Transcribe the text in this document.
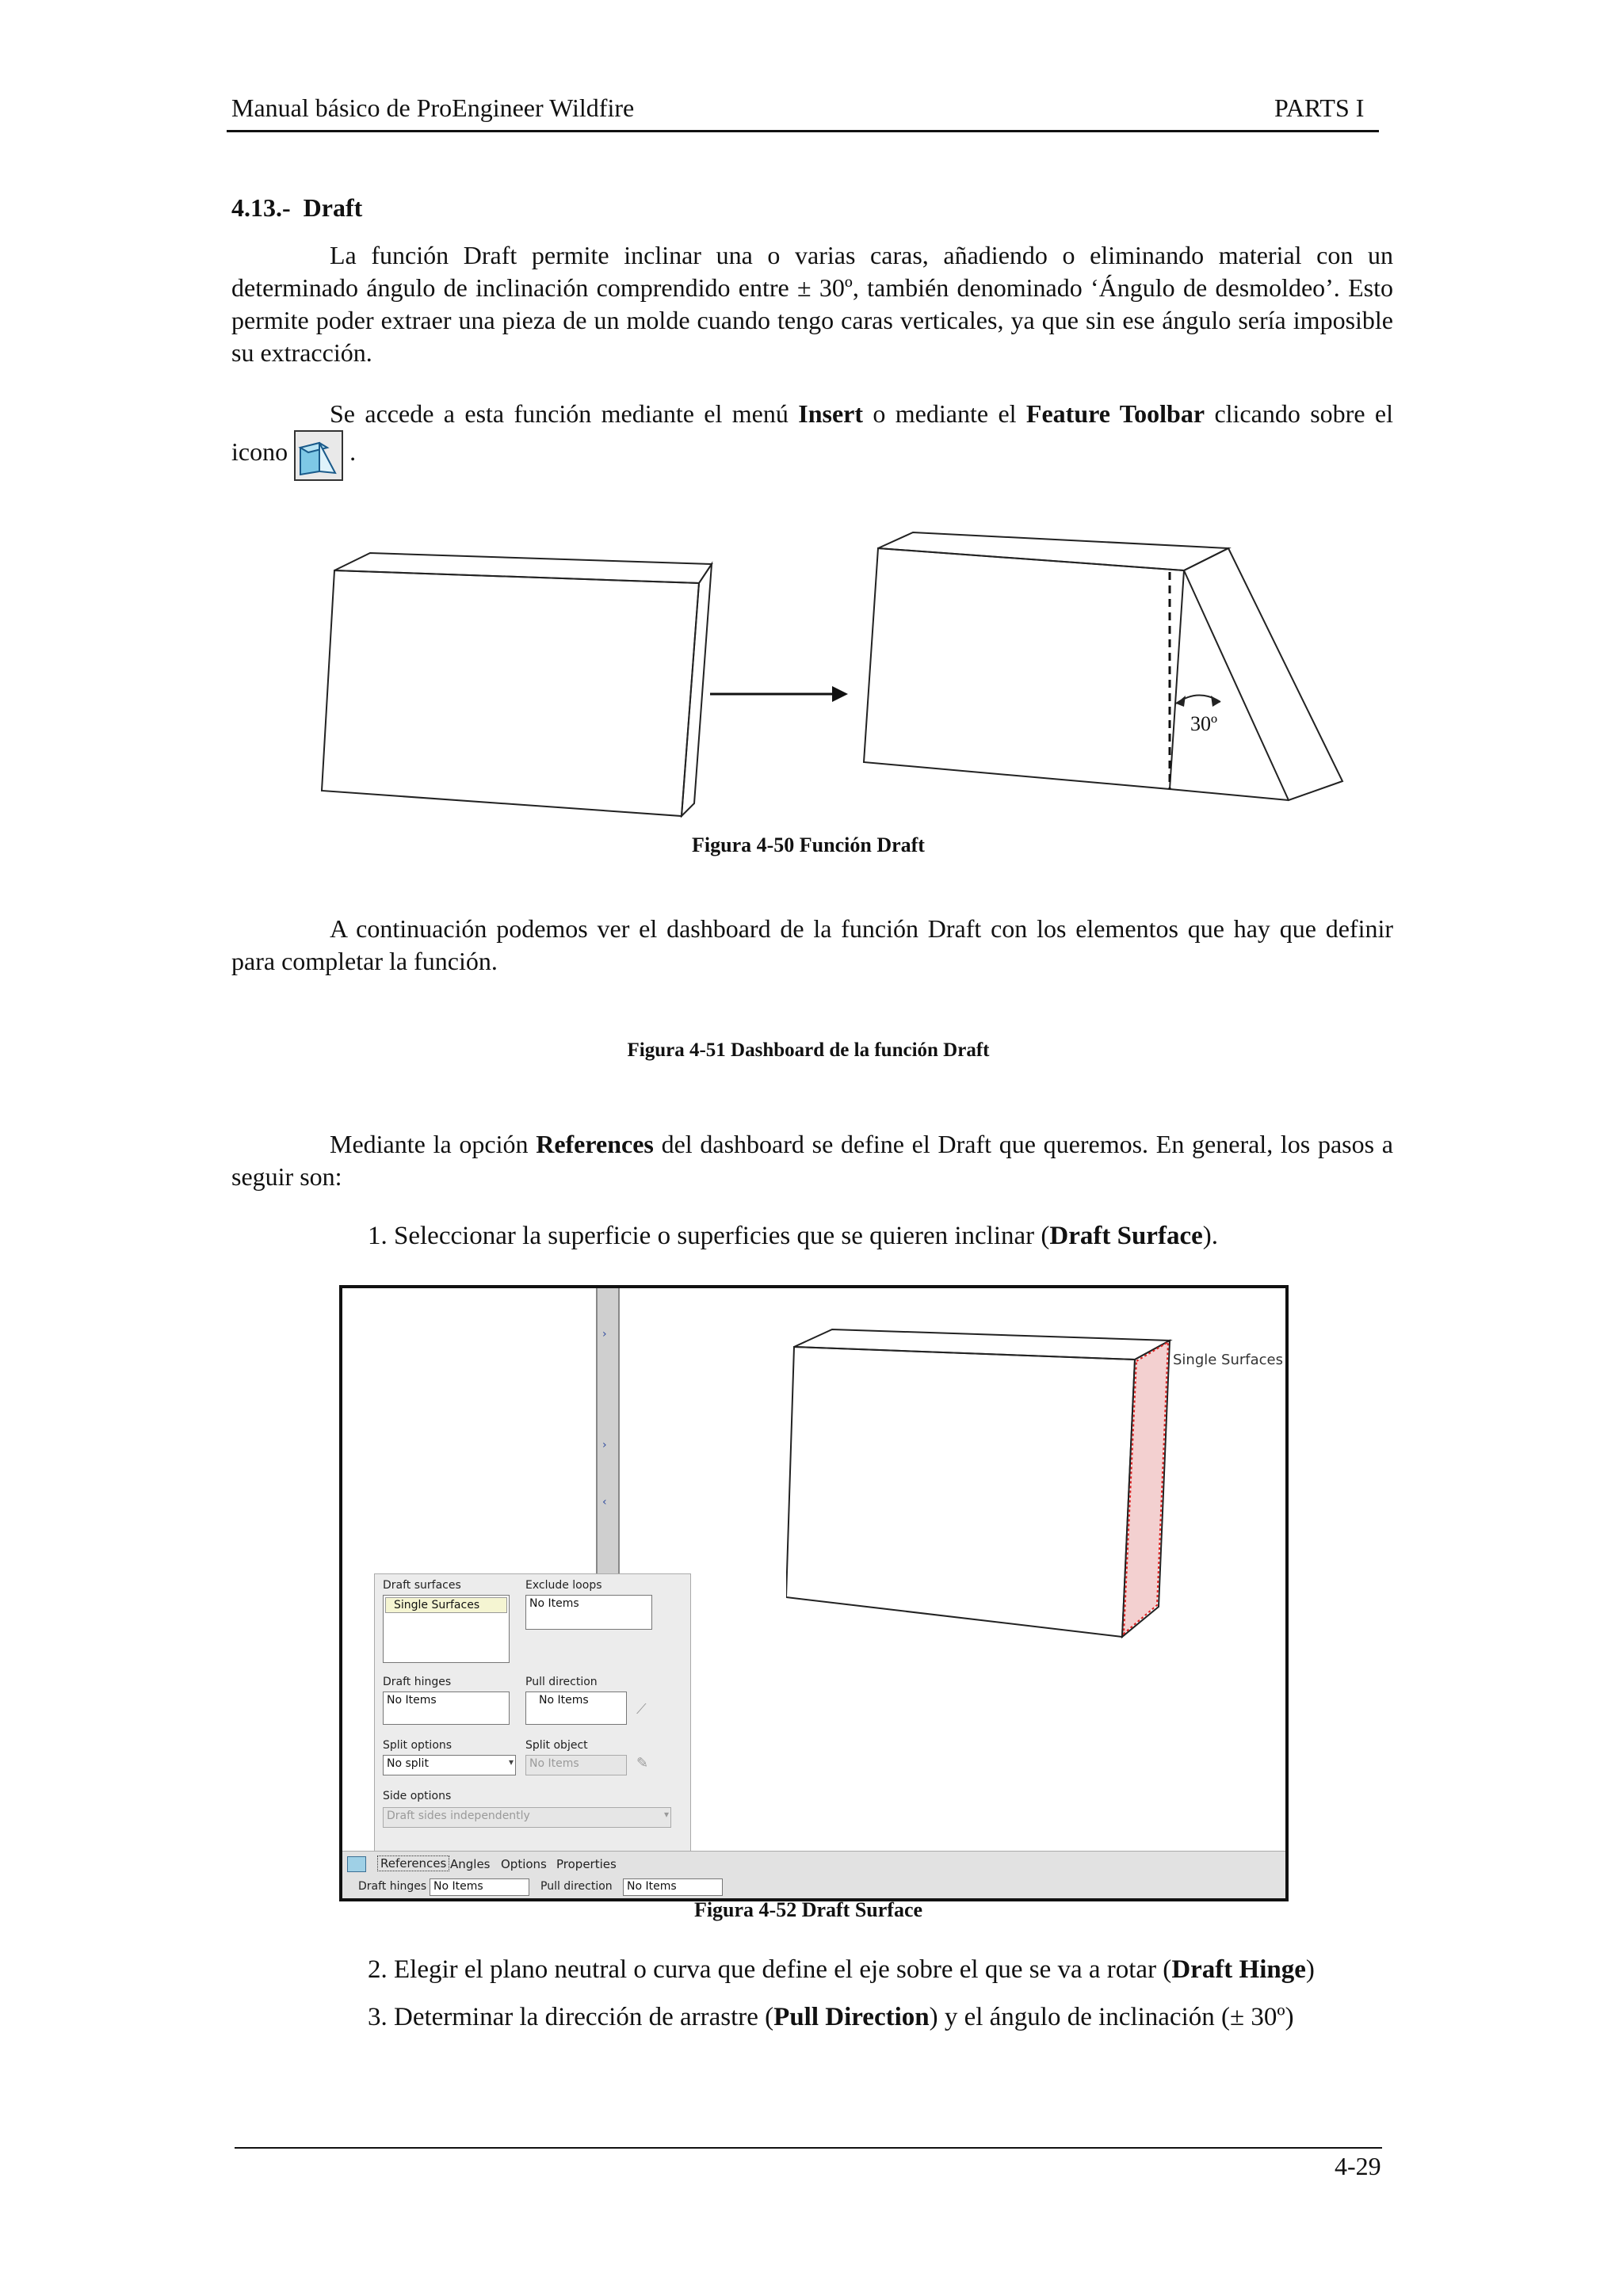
Manual básico de ProEngineer Wildfire	PARTS I
4.13.-  Draft
La función Draft permite inclinar una o varias caras, añadiendo o eliminando material con un determinado ángulo de inclinación comprendido entre ± 30º, también denominado ‘Ángulo de desmoldeo’. Esto permite poder extraer una pieza de un molde cuando tengo caras verticales, ya que sin ese ángulo sería imposible su extracción.
Se accede a esta función mediante el menú Insert o mediante el Feature Toolbar clicando sobre el icono
.
30º
Figura 4-50 Función Draft
A continuación podemos ver el dashboard de la función Draft con los elementos que hay que definir para completar la función.
Figura 4-51 Dashboard de la función Draft
Mediante la opción References del dashboard se define el Draft que queremos. En general, los pasos a seguir son:
1. Seleccionar la superficie o superficies que se quieren inclinar (Draft Surface).
›
›
‹
Single Surfaces
Draft surfaces
Single Surfaces
Exclude loops
No Items
Draft hinges
No Items
Pull direction
No Items
⟋
Split options
No split	▾
Split object
No Items	✎
Side options
Draft sides independently	▾
References Angles Options Properties
Draft hinges No Items	Pull direction	No Items
Figura 4-52 Draft Surface
2. Elegir el plano neutral o curva que define el eje sobre el que se va a rotar (Draft Hinge)
3. Determinar la dirección de arrastre (Pull Direction) y el ángulo de inclinación (± 30º)
4-29
